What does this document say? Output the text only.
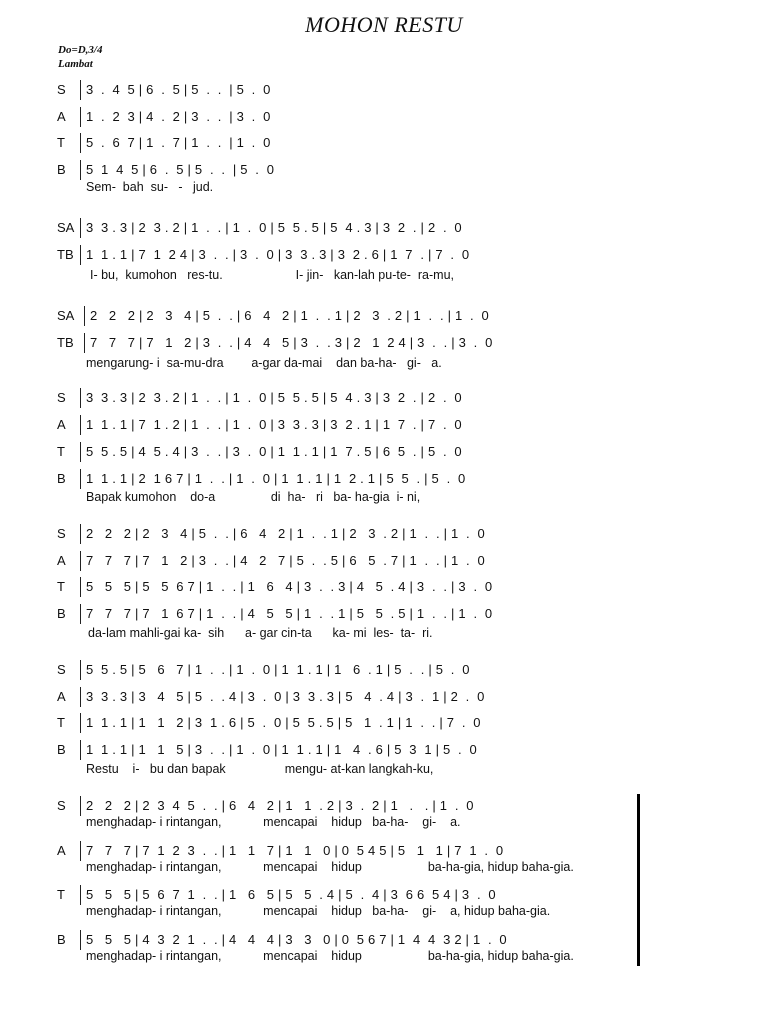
MOHON RESTU
Do=D,3/4
Lambat
S 3  .  4  5 | 6  .  5 | 5  .  .  | 5  .  0
A 1  .  2  3 | 4  .  2 | 3  .  .  | 3  .  0
T 5  .  6  7 | 1  .  7 | 1  .  .  | 1  .  0
B 5  1  4  5 | 6  .  5 | 5  .  .  | 5  .  0
Sem-  bah  su-   -   jud.
SA 3  3 . 3 | 2  3 . 2 | 1  .  . | 1  .  0 | 5  5 . 5 | 5  4 . 3 | 3  2  . | 2  .  0
TB 1  1 . 1 | 7  1  2 4 | 3  .  . | 3  .  0 | 3  3 . 3 | 3  2 . 6 | 1  7  . | 7  .  0
I- bu,  kumohon   res-tu.                     I- jin-   kan-lah pu-te-  ra-mu,
SA 2   2   2 | 2   3   4 | 5  .  . | 6   4   2 | 1  .  . 1 | 2   3  . 2 | 1  .  . | 1  .  0
TB 7   7   7 | 7   1   2 | 3  .  . | 4   4   5 | 3  .  . 3 | 2   1  2 4 | 3  .  . | 3  .  0
mengarung- i  sa-mu-dra        a-gar da-mai    dan ba-ha-   gi-   a.
S 3  3 . 3 | 2  3 . 2 | 1  .  . | 1  .  0 | 5  5 . 5 | 5  4 . 3 | 3  2  . | 2  .  0
A 1  1 . 1 | 7  1 . 2 | 1  .  . | 1  .  0 | 3  3 . 3 | 3  2 . 1 | 1  7  . | 7  .  0
T 5  5 . 5 | 4  5 . 4 | 3  .  . | 3  .  0 | 1  1 . 1 | 1  7 . 5 | 6  5  . | 5  .  0
B 1  1 . 1 | 2  1 6 7 | 1  .  . | 1  .  0 | 1  1 . 1 | 1  2 . 1 | 5  5  . | 5  .  0
Bapak kumohon    do-a                di  ha-   ri   ba- ha-gia  i- ni,
S 2   2   2 | 2   3   4 | 5  .  . | 6   4   2 | 1  .  . 1 | 2   3  . 2 | 1  .  . | 1  .  0
A 7   7   7 | 7   1   2 | 3  .  . | 4   2   7 | 5  .  . 5 | 6   5  . 7 | 1  .  . | 1  .  0
T 5   5   5 | 5   5  6 7 | 1  .  . | 1   6   4 | 3  .  . 3 | 4   5  . 4 | 3  .  . | 3  .  0
B 7   7   7 | 7   1  6 7 | 1  .  . | 4   5   5 | 1  .  . 1 | 5   5  . 5 | 1  .  . | 1  .  0
da-lam mahli-gai ka-  sih      a- gar cin-ta      ka- mi  les-  ta-  ri.
S 5  5 . 5 | 5   6   7 | 1  .  . | 1  .  0 | 1  1 . 1 | 1   6  . 1 | 5  .  . | 5  .  0
A 3  3 . 3 | 3   4   5 | 5  .  . 4 | 3  .  0 | 3  3 . 3 | 5   4  . 4 | 3  .  1 | 2  .  0
T 1  1 . 1 | 1   1   2 | 3  1 . 6 | 5  .  0 | 5  5 . 5 | 5   1  . 1 | 1  .  . | 7  .  0
B 1  1 . 1 | 1   1   5 | 3  .  . | 1  .  0 | 1  1 . 1 | 1   4  . 6 | 5  3  1 | 5  .  0
Restu    i-   bu dan bapak                 mengu- at-kan langkah-ku,
S 2   2   2 | 2  3  4  5  .  . | 6   4   2 | 1   1  . 2 | 3  .  2 | 1   .   . | 1  .  0
menghadap- i rintangan,            mencapai    hidup   ba-ha-    gi-    a.
A 7   7   7 | 7  1  2  3  .  . | 1   1   7 | 1   1   0 | 0  5 4 5 | 5   1   1 | 7  1  .  0
menghadap- i rintangan,            mencapai    hidup                   ba-ha-gia, hidup baha-gia.
T 5   5   5 | 5  6  7  1  .  . | 1   6   5 | 5   5  . 4 | 5  .  4 | 3  6 6  5 4 | 3  .  0
menghadap- i rintangan,            mencapai    hidup   ba-ha-    gi-    a, hidup baha-gia.
B 5   5   5 | 4  3  2  1  .  . | 4   4   4 | 3   3   0 | 0  5 6 7 | 1  4  4  3 2 | 1  .  0
menghadap- i rintangan,            mencapai    hidup                   ba-ha-gia, hidup baha-gia.
